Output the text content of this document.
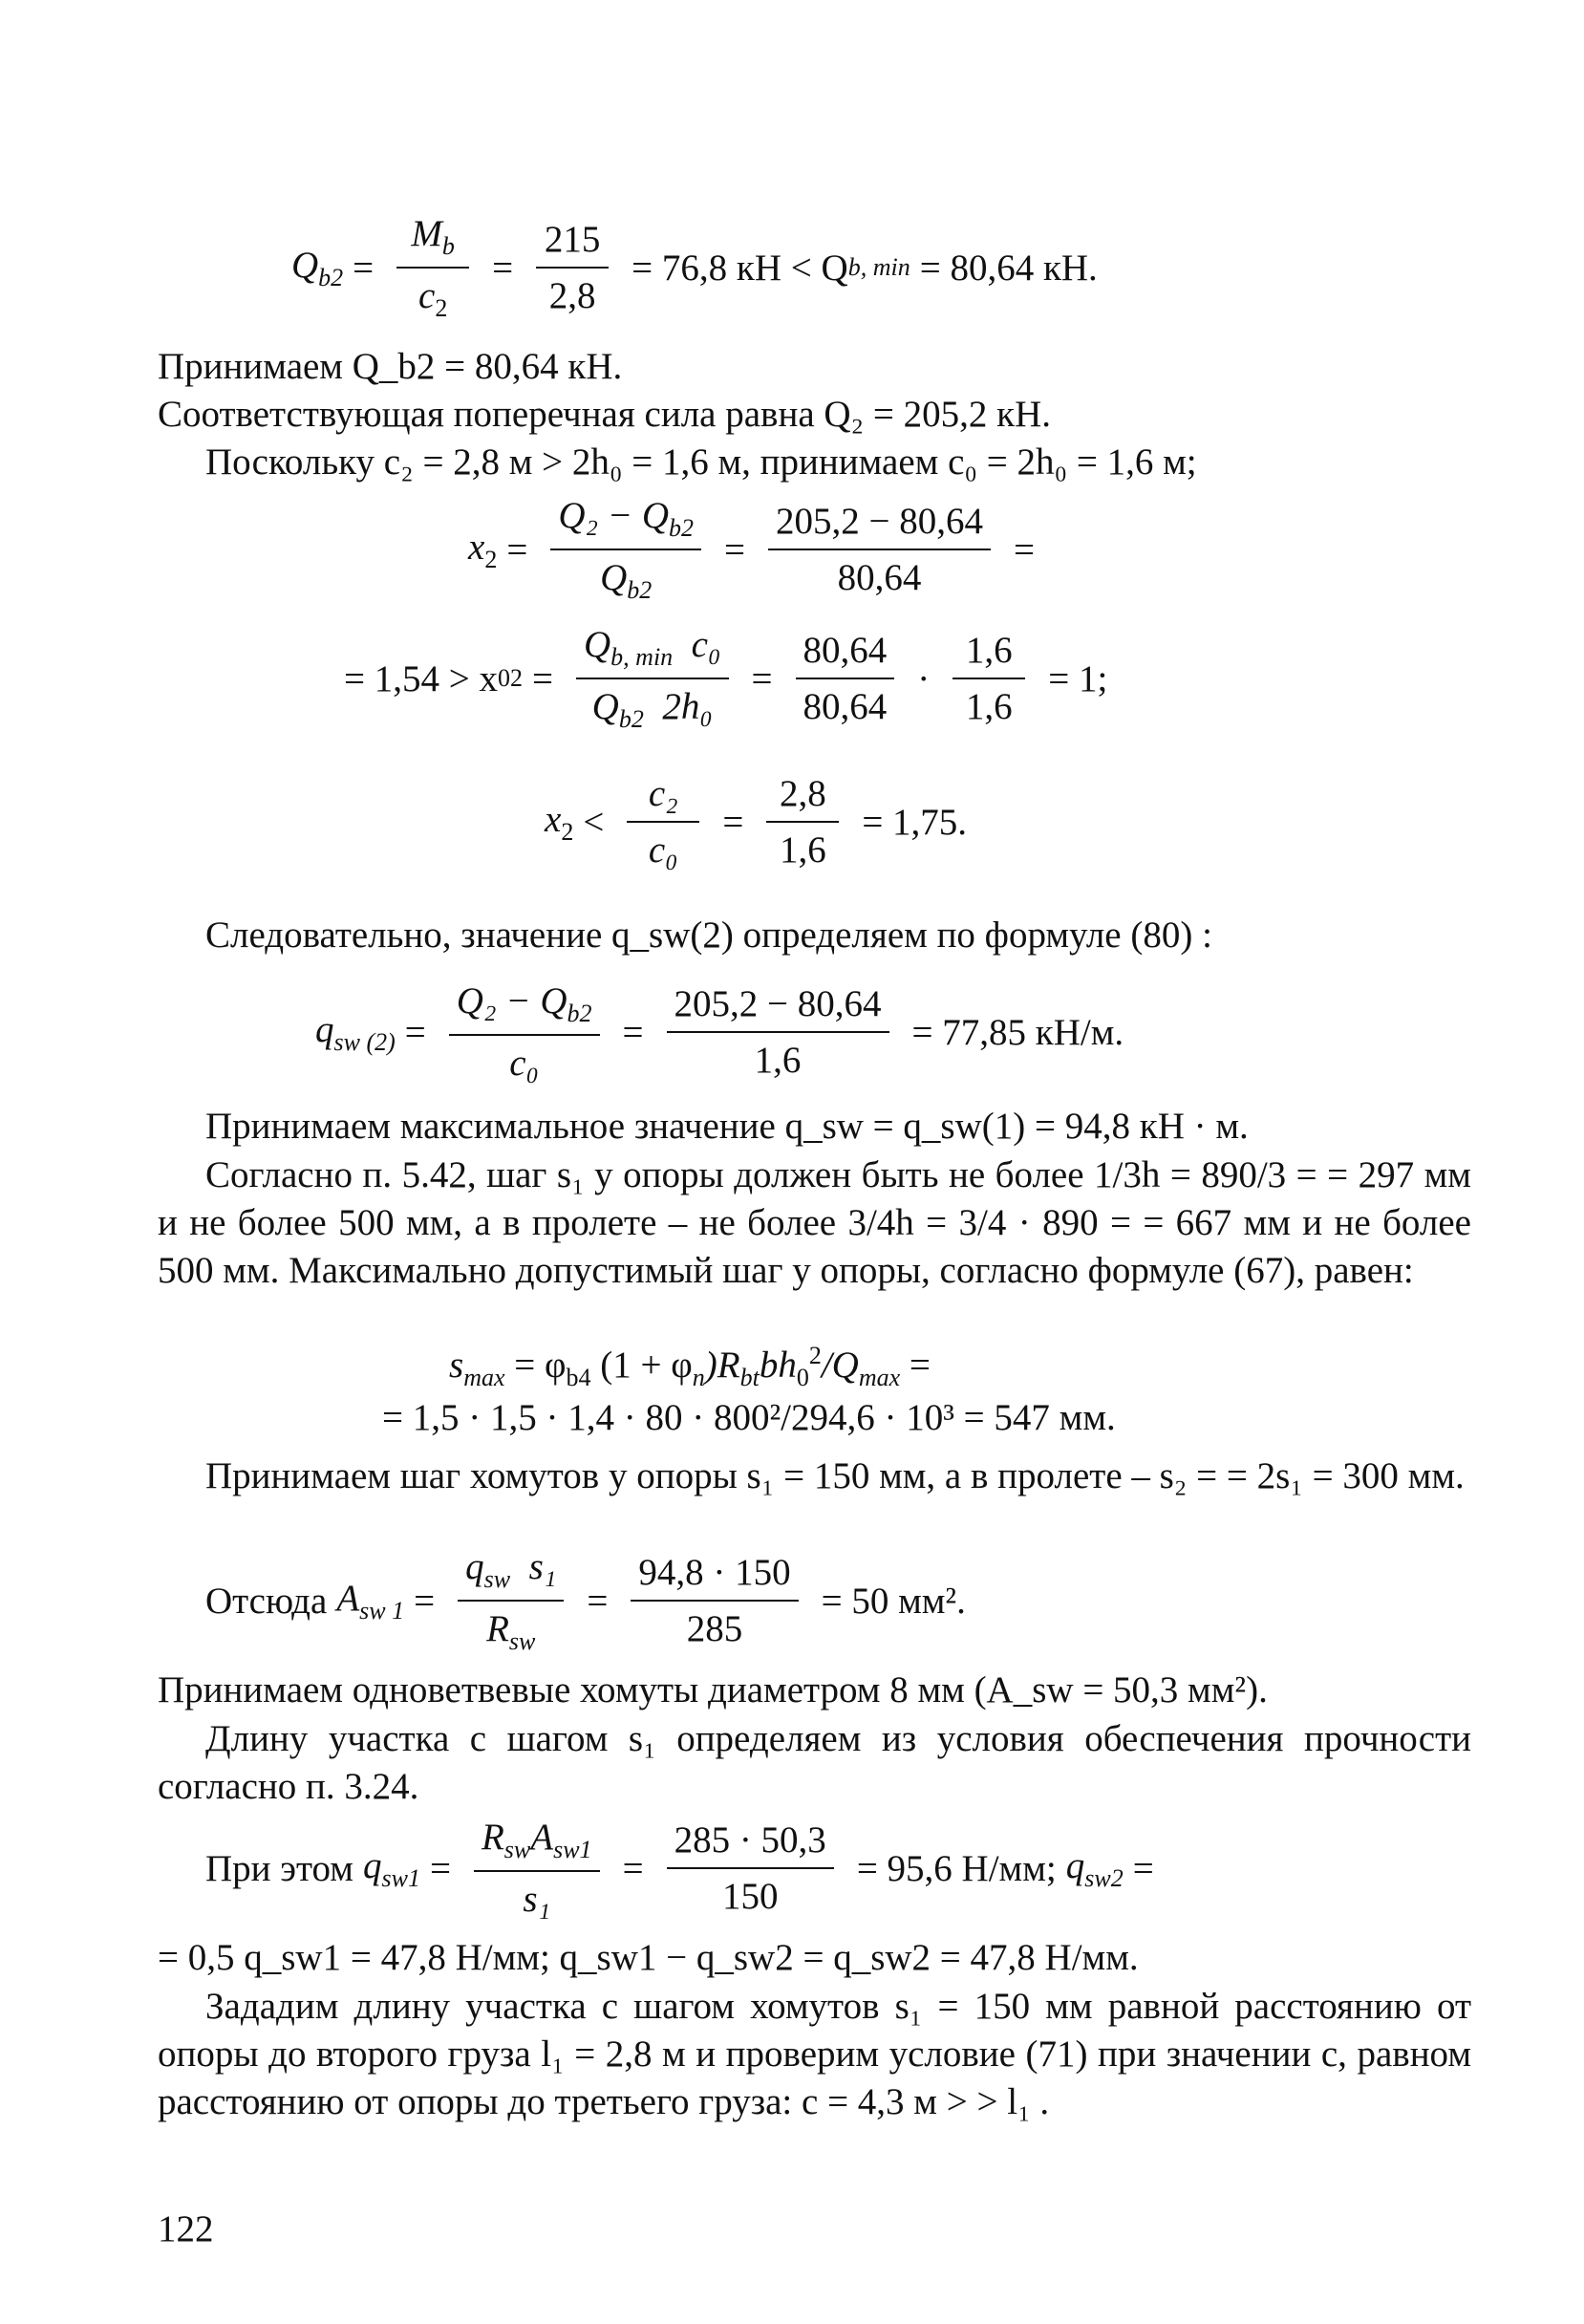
$Q_{b2} = \frac{M_b}{c_2} = \frac{215}{2,8} = 76,8$ кН < Q b, min = 80,64 кН.
Принимаем Q_b2 = 80,64 кН.
Соответствующая поперечная сила равна Q₂ = 205,2 кН.
Поскольку c₂ = 2,8 м > 2h₀ = 1,6 м, принимаем c₀ = 2h₀ = 1,6 м;
$x_2 = \frac{Q_2 - Q_{b2}}{Q_{b2}} = \frac{205,2 - 80,64}{80,64}$ =
= 1,54 > x $02 = \frac{Q_{b, min} c_0}{Q_{b2} 2h_0} = \frac{80,64}{80,64} \cdot \frac{1,6}{1,6} = 1$;
$x_2 < \frac{\text{c₂}}{\text{c₀}} = \frac{2,8}{1,6} = 1,75$.
Следовательно, значение q_sw(2) определяем по формуле (80) :
$q_{sw (2)} = \frac{Q_2 - Q_{b2}}{\text{c₀}} = \frac{205,2 - 80,64}{1,6} = 77,85$ кН/м.
Принимаем максимальное значение q_sw = q_sw(1) = 94,8 кН · м.
Согласно п. 5.42, шаг s₁ у опоры должен быть не более 1/3h = 890/3 = = 297 мм и не более 500 мм, а в пролете – не более 3/4h = 3/4 · 890 = = 667 мм и не более 500 мм. Максимально допустимый шаг у опоры, согласно формуле (67), равен:
$s_{max} = \varphi_{b4}$ $(1 + \varphi_n)R_{bt}bh_0^2/Q_{max}$ =
= 1,5 · 1,5 · 1,4 · 80 · 800²/294,6 · 10³ = 547 мм.
Принимаем шаг хомутов у опоры s₁ = 150 мм, а в пролете – s₂ = = 2s₁ = 300 мм.
Отсюда $A_{sw 1} = \frac{q_{sw} s_1}{R_{sw}} = \frac{94,8 \cdot 150}{285} = 50$ мм².
Принимаем одноветвевые хомуты диаметром 8 мм (A_sw = 50,3 мм²).
Длину участка с шагом s₁ определяем из условия обеспечения прочности согласно п. 3.24.
При этом $q_{sw1} = \frac{R_{sw}A_{sw1}}{\text{s₁}} = \frac{285 \cdot 50,3}{150} = 95,6$ Н/мм; $q_{sw2}$ =
= 0,5 q_sw1 = 47,8 Н/мм; q_sw1 − q_sw2 = q_sw2 = 47,8 Н/мм.
Зададим длину участка с шагом хомутов s₁ = 150 мм равной расстоянию от опоры до второго груза l₁ = 2,8 м и проверим условие (71) при значении c, равном расстоянию от опоры до третьего груза: c = 4,3 м > > l₁ .
122
